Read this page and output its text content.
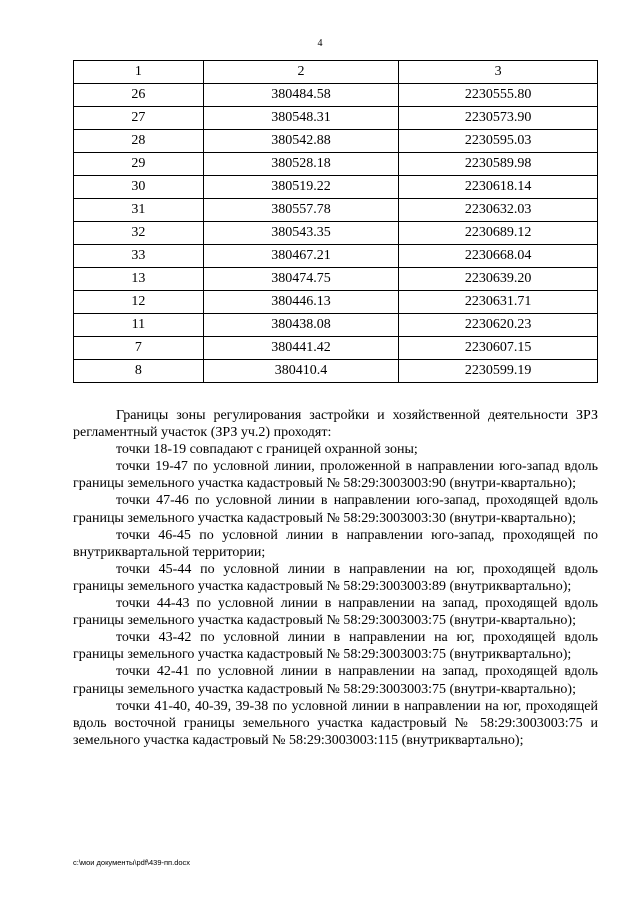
4
1	2	3
26	380484.58	2230555.80
27	380548.31	2230573.90
28	380542.88	2230595.03
29	380528.18	2230589.98
30	380519.22	2230618.14
31	380557.78	2230632.03
32	380543.35	2230689.12
33	380467.21	2230668.04
13	380474.75	2230639.20
12	380446.13	2230631.71
11	380438.08	2230620.23
7	380441.42	2230607.15
8	380410.4	2230599.19

Границы зоны регулирования застройки и хозяйственной деятельности ЗРЗ регламентный участок (ЗРЗ уч.2) проходят:

точки 18-19 совпадают с границей охранной зоны;

точки 19-47 по условной линии, проложенной в направлении юго-запад вдоль границы земельного участка кадастровый № 58:29:3003003:90 (внутри-квартально);

точки 47-46 по условной линии в направлении юго-запад, проходящей вдоль границы земельного участка кадастровый № 58:29:3003003:30 (внутри-квартально);

точки 46-45 по условной линии в направлении юго-запад, проходящей по внутриквартальной территории;

точки 45-44 по условной линии в направлении на юг, проходящей вдоль границы земельного участка кадастровый № 58:29:3003003:89 (внутриквартально);

точки 44-43 по условной линии в направлении на запад, проходящей вдоль границы земельного участка кадастровый № 58:29:3003003:75 (внутри-квартально);

точки 43-42 по условной линии в направлении на юг, проходящей вдоль границы земельного участка кадастровый № 58:29:3003003:75 (внутриквартально);

точки 42-41 по условной линии в направлении на запад, проходящей вдоль границы земельного участка кадастровый № 58:29:3003003:75 (внутри-квартально);

точки 41-40, 40-39, 39-38 по условной линии в направлении на юг, проходящей вдоль восточной границы земельного участка кадастровый № 58:29:3003003:75 и земельного участка кадастровый № 58:29:3003003:115 (внутриквартально);

c:\мои документы\pdf\439-пп.docx
